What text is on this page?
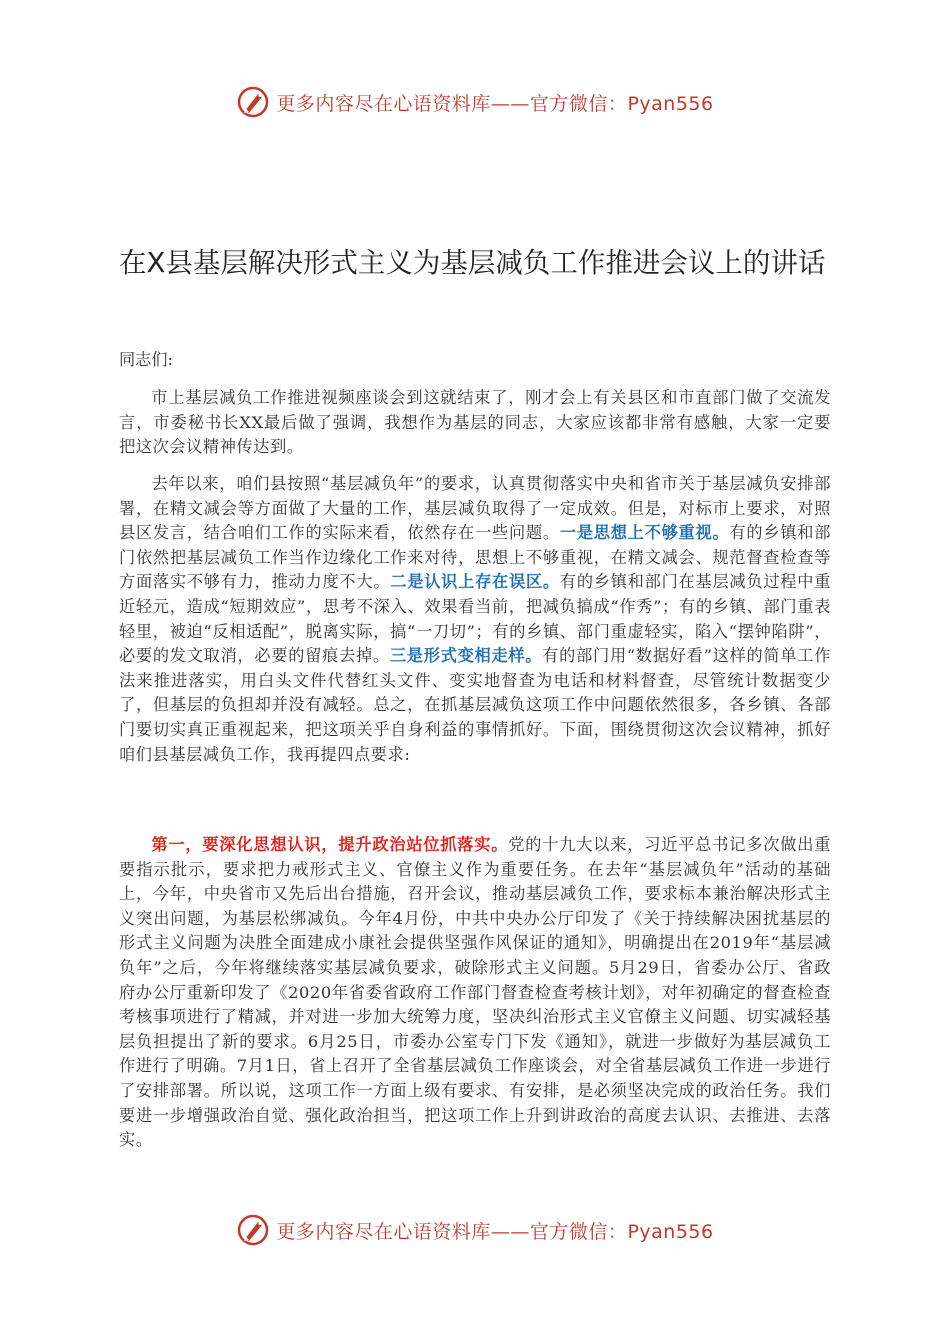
更多内容尽在心语资料库——官方微信：Pyan556
在X县基层解决形式主义为基层减负工作推进会议上的讲话

同志们:

市上基层减负工作推进视频座谈会到这就结束了，刚才会上有关县区和市直部门做了交流发言，市委秘书长XX最后做了强调，我想作为基层的同志，大家应该都非常有感触，大家一定要把这次会议精神传达到。

去年以来，咱们县按照“基层减负年”的要求，认真贯彻落实中央和省市关于基层减负安排部署，在精文减会等方面做了大量的工作，基层减负取得了一定成效。但是，对标市上要求，对照县区发言，结合咱们工作的实际来看，依然存在一些问题。一是思想上不够重视。有的乡镇和部门依然把基层减负工作当作边缘化工作来对待，思想上不够重视，在精文减会、规范督查检查等方面落实不够有力，推动力度不大。二是认识上存在误区。有的乡镇和部门在基层减负过程中重近轻元，造成“短期效应”，思考不深入、效果看当前，把减负搞成“作秀”；有的乡镇、部门重表轻里，被迫“反相适配”，脱离实际，搞“一刀切”；有的乡镇、部门重虚轻实，陷入“摆钟陷阱”，必要的发文取消，必要的留痕去掉。三是形式变相走样。有的部门用“数据好看”这样的简单工作法来推进落实，用白头文件代替红头文件、变实地督查为电话和材料督查，尽管统计数据变少了，但基层的负担却并没有减轻。总之，在抓基层减负这项工作中问题依然很多，各乡镇、各部门要切实真正重视起来，把这项关乎自身利益的事情抓好。下面，围绕贯彻这次会议精神，抓好咱们县基层减负工作，我再提四点要求:

第一，要深化思想认识，提升政治站位抓落实。党的十九大以来，习近平总书记多次做出重要指示批示，要求把力戒形式主义、官僚主义作为重要任务。在去年“基层减负年”活动的基础上，今年，中央省市又先后出台措施，召开会议，推动基层减负工作，要求标本兼治解决形式主义突出问题，为基层松绑减负。今年4月份，中共中央办公厅印发了《关于持续解决困扰基层的形式主义问题为决胜全面建成小康社会提供坚强作风保证的通知》，明确提出在2019年“基层减负年”之后，今年将继续落实基层减负要求，破除形式主义问题。5月29日，省委办公厅、省政府办公厅重新印发了《2020年省委省政府工作部门督查检查考核计划》，对年初确定的督查检查考核事项进行了精减，并对进一步加大统筹力度，坚决纠治形式主义官僚主义问题、切实减轻基层负担提出了新的要求。6月25日，市委办公室专门下发《通知》，就进一步做好为基层减负工作进行了明确。7月1日，省上召开了全省基层减负工作座谈会，对全省基层减负工作进一步进行了安排部署。所以说，这项工作一方面上级有要求、有安排，是必须坚决完成的政治任务。我们要进一步增强政治自觉、强化政治担当，把这项工作上升到讲政治的高度去认识、去推进、去落实。

更多内容尽在心语资料库——官方微信：Pyan556
